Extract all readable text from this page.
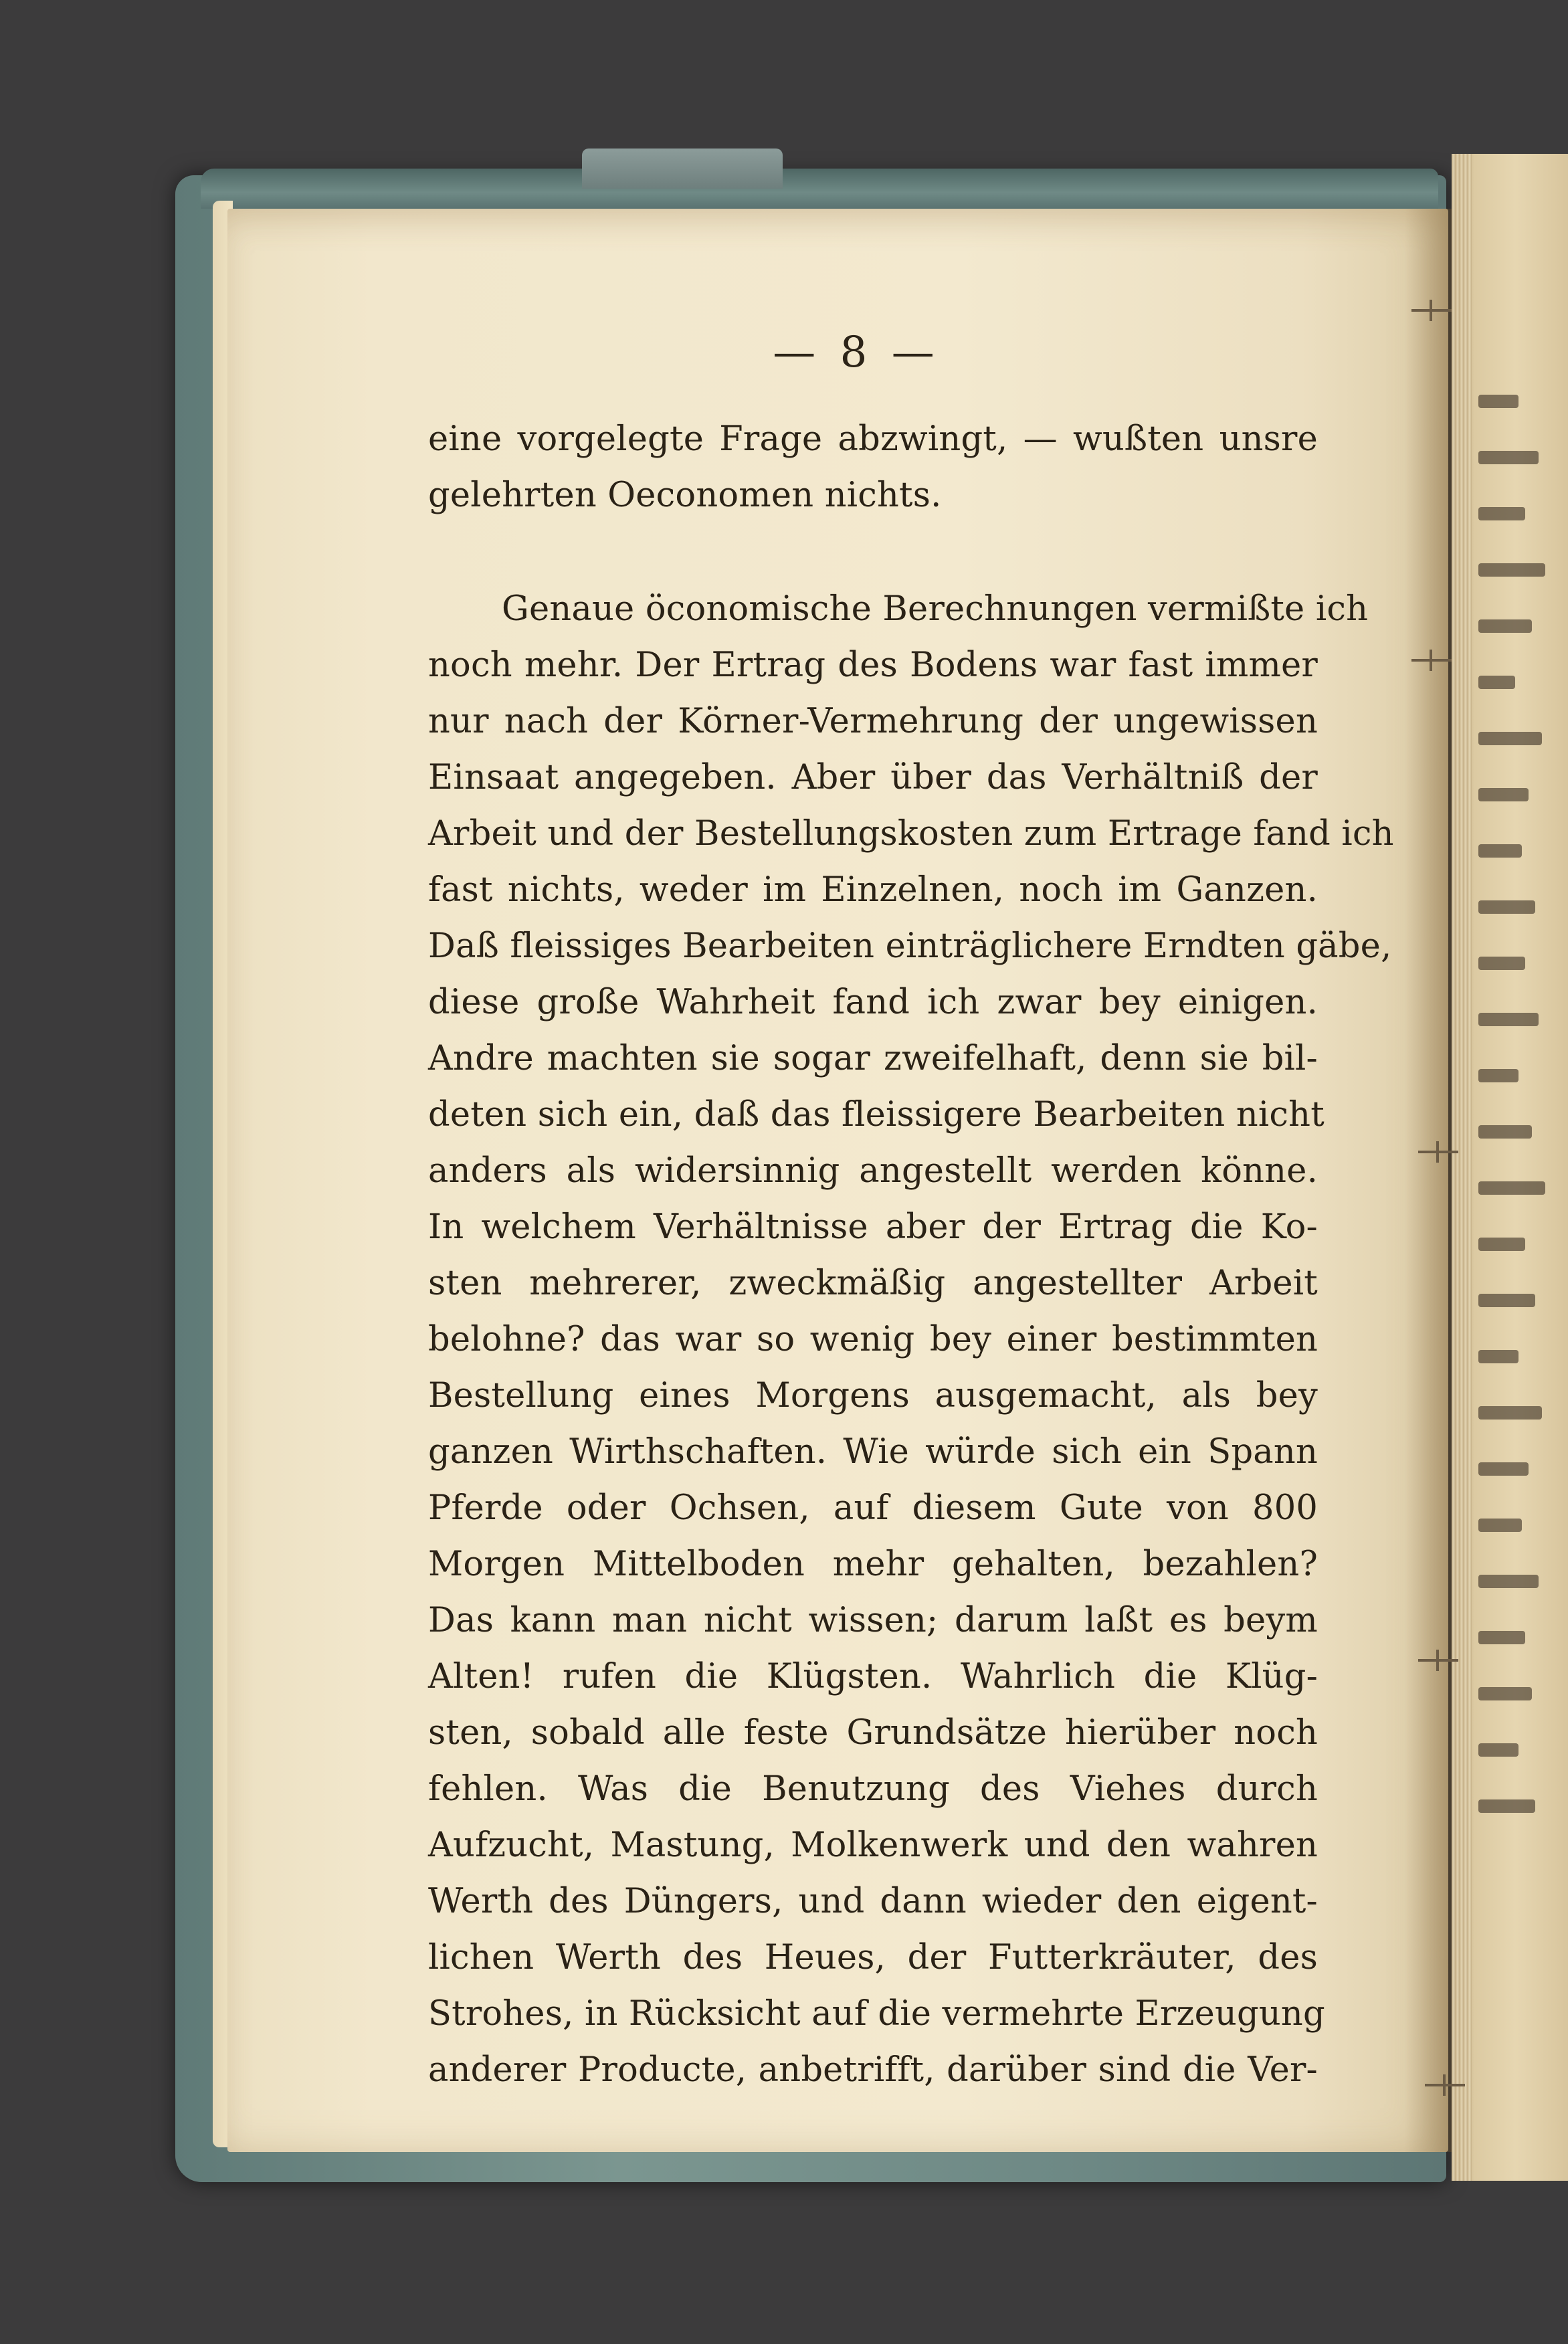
— 8 —
eine vorgelegte Frage abzwingt, — wußten unsre
gelehrten Oeconomen nichts.
Genaue öconomische Berechnungen vermißte ich
noch mehr. Der Ertrag des Bodens war fast immer
nur nach der Körner-Vermehrung der ungewissen
Einsaat angegeben. Aber über das Verhältniß der
Arbeit und der Bestellungskosten zum Ertrage fand ich
fast nichts, weder im Einzelnen, noch im Ganzen.
Daß fleissiges Bearbeiten einträglichere Erndten gäbe,
diese große Wahrheit fand ich zwar bey einigen.
Andre machten sie sogar zweifelhaft, denn sie bil-
deten sich ein, daß das fleissigere Bearbeiten nicht
anders als widersinnig angestellt werden könne.
In welchem Verhältnisse aber der Ertrag die Ko-
sten mehrerer, zweckmäßig angestellter Arbeit
belohne? das war so wenig bey einer bestimmten
Bestellung eines Morgens ausgemacht, als bey
ganzen Wirthschaften. Wie würde sich ein Spann
Pferde oder Ochsen, auf diesem Gute von 800
Morgen Mittelboden mehr gehalten, bezahlen?
Das kann man nicht wissen; darum laßt es beym
Alten! rufen die Klügsten. Wahrlich die Klüg-
sten, sobald alle feste Grundsätze hierüber noch
fehlen. Was die Benutzung des Viehes durch
Aufzucht, Mastung, Molkenwerk und den wahren
Werth des Düngers, und dann wieder den eigent-
lichen Werth des Heues, der Futterkräuter, des
Strohes, in Rücksicht auf die vermehrte Erzeugung
anderer Producte, anbetrifft, darüber sind die Ver-
